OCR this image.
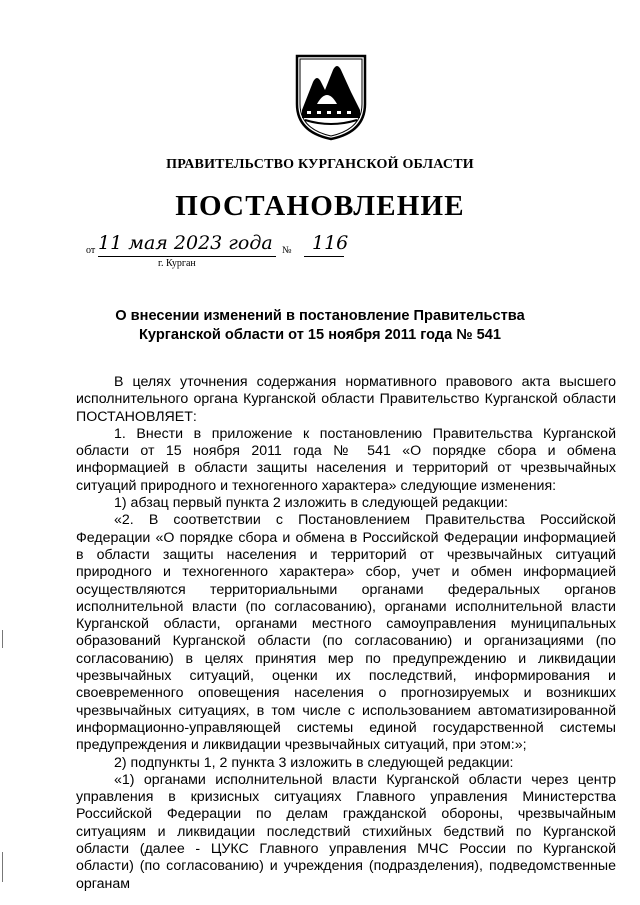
ПРАВИТЕЛЬСТВО КУРГАНСКОЙ ОБЛАСТИ
ПОСТАНОВЛЕНИЕ
от 11 мая 2023 года № 116
г. Курган
О внесении изменений в постановление Правительства
Курганской области от 15 ноября 2011 года № 541

В целях уточнения содержания нормативного правового акта высшего исполнительного органа Курганской области Правительство Курганской области ПОСТАНОВЛЯЕТ:

1. Внести в приложение к постановлению Правительства Курганской области от 15 ноября 2011 года № 541 «О порядке сбора и обмена информацией в области защиты населения и территорий от чрезвычайных ситуаций природного и техногенного характера» следующие изменения:

1) абзац первый пункта 2 изложить в следующей редакции:

«2. В соответствии с Постановлением Правительства Российской Федерации «О порядке сбора и обмена в Российской Федерации информацией в области защиты населения и территорий от чрезвычайных ситуаций природного и техногенного характера» сбор, учет и обмен информацией осуществляются территориальными органами федеральных органов исполнительной власти (по согласованию), органами исполнительной власти Курганской области, органами местного самоуправления муниципальных образований Курганской области (по согласованию) и организациями (по согласованию) в целях принятия мер по предупреждению и ликвидации чрезвычайных ситуаций, оценки их последствий, информирования и своевременного оповещения населения о прогнозируемых и возникших чрезвычайных ситуациях, в том числе с использованием автоматизированной информационно-управляющей системы единой государственной системы предупреждения и ликвидации чрезвычайных ситуаций, при этом:»;

2) подпункты 1, 2 пункта 3 изложить в следующей редакции:

«1) органами исполнительной власти Курганской области через центр управления в кризисных ситуациях Главного управления Министерства Российской Федерации по делам гражданской обороны, чрезвычайным ситуациям и ликвидации последствий стихийных бедствий по Курганской области (далее - ЦУКС Главного управления МЧС России по Курганской области) (по согласованию) и учреждения (подразделения), подведомственные органам
